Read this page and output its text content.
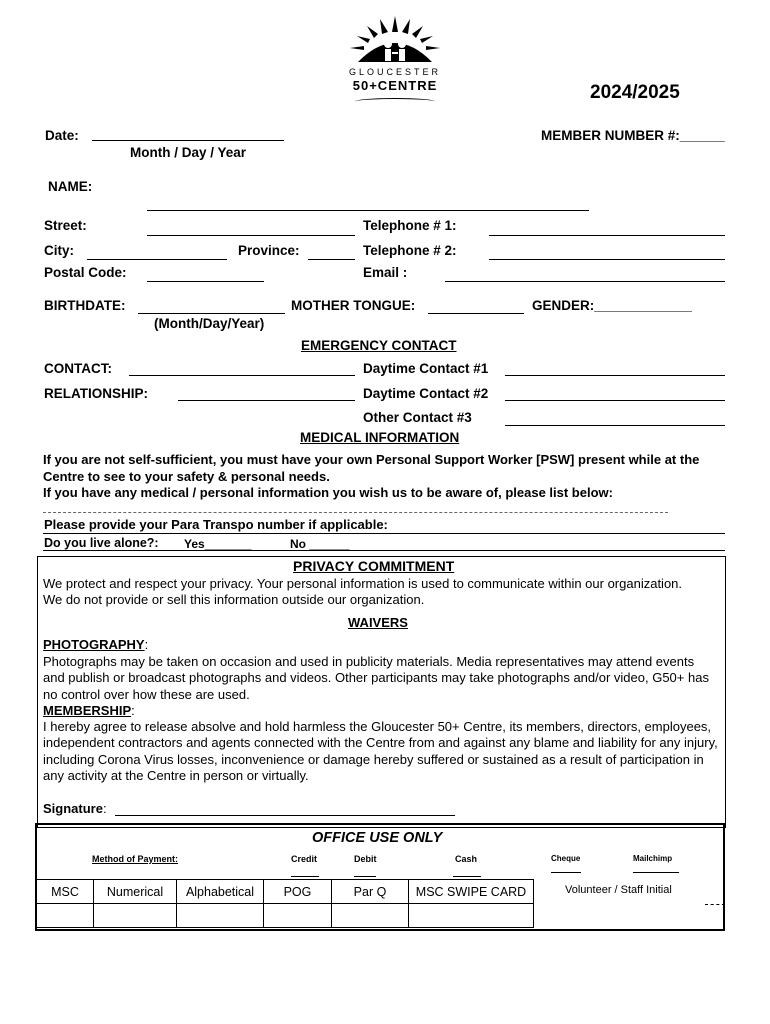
GLOUCESTER
50+CENTRE	2024/2025
Date:
Month / Day / Year
MEMBER NUMBER #:______
NAME:
Street:	Telephone # 1:
City:	Province:	Telephone # 2:
Postal Code:	Email :
BIRTHDATE:
(Month/Day/Year)
MOTHER TONGUE:	GENDER:_____________
EMERGENCY CONTACT
CONTACT:	Daytime Contact #1
RELATIONSHIP:	Daytime Contact #2
Other Contact #3
MEDICAL INFORMATION
If you are not self-sufficient, you must have your own Personal Support Worker [PSW] present while at the Centre to see to your safety & personal needs.
If you have any medical / personal information you wish us to be aware of, please list below:
Please provide your Para Transpo number if applicable:
Do you live alone?: Yes_______	No ______
PRIVACY COMMITMENT
We protect and respect your privacy. Your personal information is used to communicate within our organization. We do not provide or sell this information outside our organization.
WAIVERS
PHOTOGRAPHY:
Photographs may be taken on occasion and used in publicity materials. Media representatives may attend events and publish or broadcast photographs and videos. Other participants may take photographs and/or video, G50+ has no control over how these are used.
MEMBERSHIP:
I hereby agree to release absolve and hold harmless the Gloucester 50+ Centre, its members, directors, employees, independent contractors and agents connected with the Centre from and against any blame and liability for any injury, including Corona Virus losses, inconvenience or damage hereby suffered or sustained as a result of participation in any activity at the Centre in person or virtually.
Signature:
OFFICE USE ONLY
Method of Payment:	Credit	Debit	Cash	Cheque	Mailchimp
MSC	Numerical	Alphabetical	POG	Par Q	MSC SWIPE CARD
						Volunteer / Staff Initial
